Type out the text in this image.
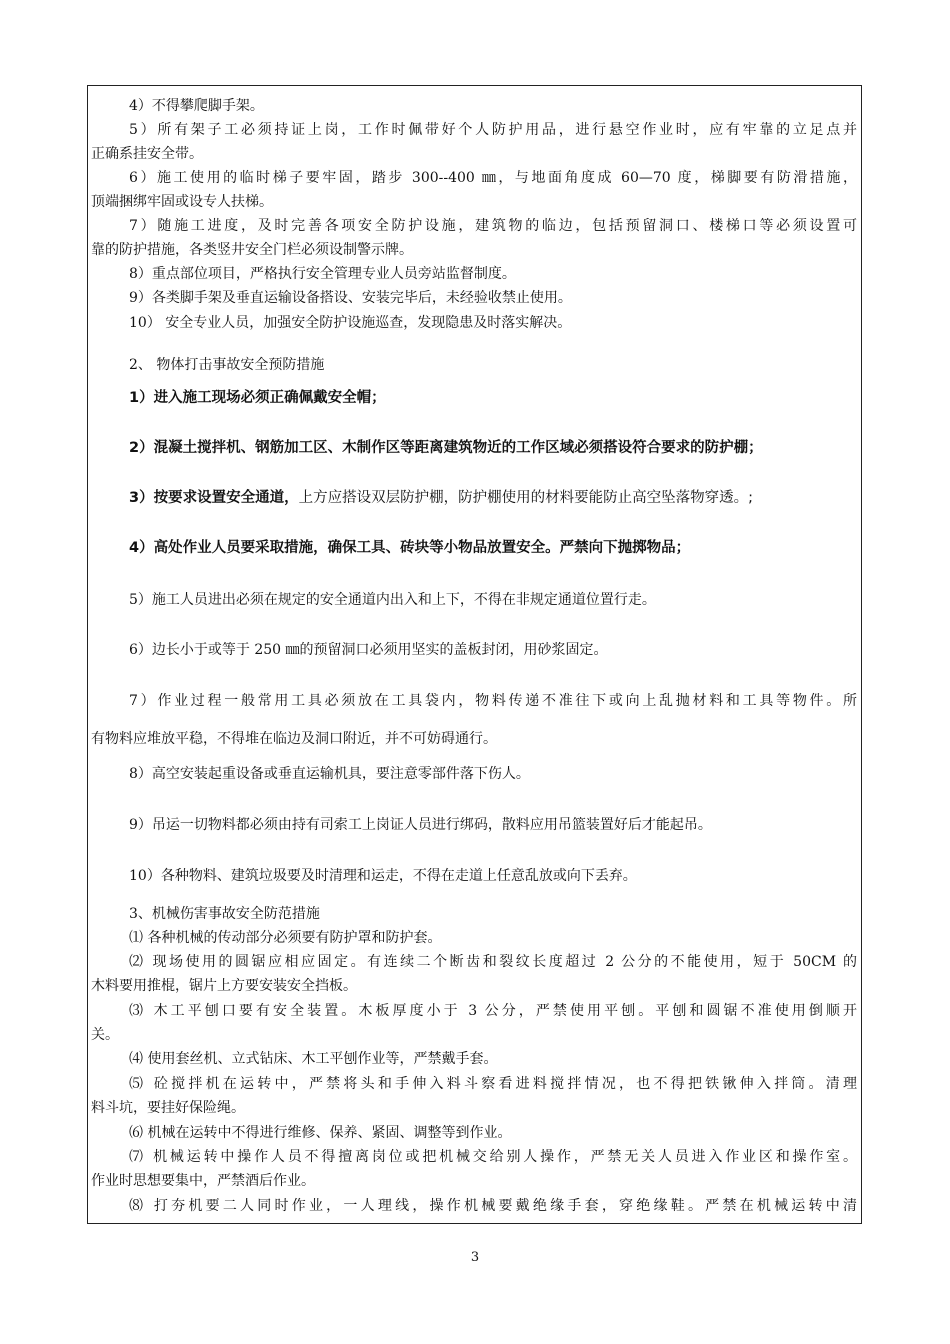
4）不得攀爬脚手架。
5）所有架子工必须持证上岗，工作时佩带好个人防护用品，进行悬空作业时，应有牢靠的立足点并
正确系挂安全带。
6）施工使用的临时梯子要牢固，踏步 300--400 ㎜，与地面角度成 60—70 度，梯脚要有防滑措施，
顶端捆绑牢固或设专人扶梯。
7）随施工进度，及时完善各项安全防护设施，建筑物的临边，包括预留洞口、楼梯口等必须设置可
靠的防护措施，各类竖井安全门栏必须设制警示牌。
8）重点部位项目，严格执行安全管理专业人员旁站监督制度。
9）各类脚手架及垂直运输设备搭设、安装完毕后，未经验收禁止使用。
10） 安全专业人员，加强安全防护设施巡查，发现隐患及时落实解决。
2、 物体打击事故安全预防措施
1）进入施工现场必须正确佩戴安全帽；
2）混凝土搅拌机、钢筋加工区、木制作区等距离建筑物近的工作区域必须搭设符合要求的防护棚；
3）按要求设置安全通道，上方应搭设双层防护棚，防护棚使用的材料要能防止高空坠落物穿透。;
4）高处作业人员要采取措施，确保工具、砖块等小物品放置安全。严禁向下抛掷物品；
5）施工人员进出必须在规定的安全通道内出入和上下，不得在非规定通道位置行走。
6）边长小于或等于 250 ㎜的预留洞口必须用坚实的盖板封闭，用砂浆固定。
7）作业过程一般常用工具必须放在工具袋内，物料传递不准往下或向上乱抛材料和工具等物件。所
有物料应堆放平稳，不得堆在临边及洞口附近，并不可妨碍通行。
8）高空安装起重设备或垂直运输机具，要注意零部件落下伤人。
9）吊运一切物料都必须由持有司索工上岗证人员进行绑码，散料应用吊篮装置好后才能起吊。
10）各种物料、建筑垃圾要及时清理和运走，不得在走道上任意乱放或向下丢弃。
3、机械伤害事故安全防范措施
⑴ 各种机械的传动部分必须要有防护罩和防护套。
⑵ 现场使用的圆锯应相应固定。有连续二个断齿和裂纹长度超过 2 公分的不能使用，短于 50CM 的
木料要用推棍，锯片上方要安装安全挡板。
⑶ 木工平刨口要有安全装置。木板厚度小于 3 公分，严禁使用平刨。平刨和圆锯不准使用倒顺开
关。
⑷ 使用套丝机、立式钻床、木工平刨作业等，严禁戴手套。
⑸ 砼搅拌机在运转中，严禁将头和手伸入料斗察看进料搅拌情况，也不得把铁锹伸入拌筒。清理
料斗坑，要挂好保险绳。
⑹ 机械在运转中不得进行维修、保养、紧固、调整等到作业。
⑺ 机械运转中操作人员不得擅离岗位或把机械交给别人操作，严禁无关人员进入作业区和操作室。
作业时思想要集中，严禁酒后作业。
⑻ 打夯机要二人同时作业，一人理线，操作机械要戴绝缘手套，穿绝缘鞋。严禁在机械运转中清
3
